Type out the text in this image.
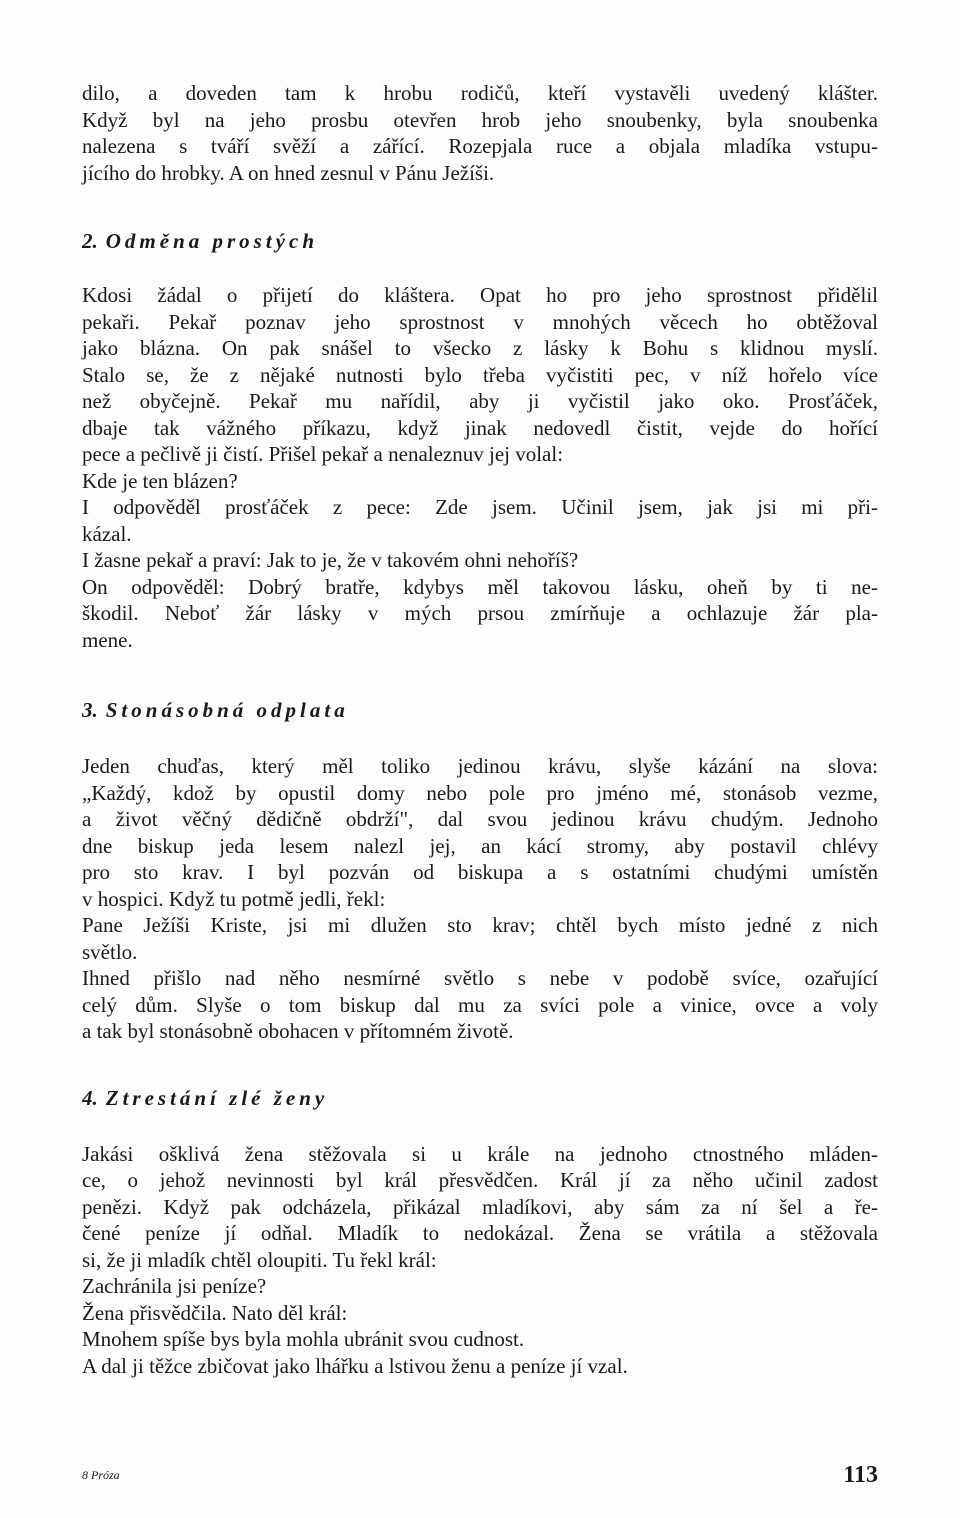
dilo, a doveden tam k hrobu rodičů, kteří vystavěli uvedený klášter.
Když byl na jeho prosbu otevřen hrob jeho snoubenky, byla snoubenka
nalezena s tváří svěží a zářící. Rozepjala ruce a objala mladíka vstupu-
jícího do hrobky. A on hned zesnul v Pánu Ježíši.
2. Odměna prostých
Kdosi žádal o přijetí do kláštera. Opat ho pro jeho sprostnost přidělil
pekaři. Pekař poznav jeho sprostnost v mnohých věcech ho obtěžoval
jako blázna. On pak snášel to všecko z lásky k Bohu s klidnou myslí.
Stalo se, že z nějaké nutnosti bylo třeba vyčistiti pec, v níž hořelo více
než obyčejně. Pekař mu nařídil, aby ji vyčistil jako oko. Prosťáček,
dbaje tak vážného příkazu, když jinak nedovedl čistit, vejde do hořící
pece a pečlivě ji čistí. Přišel pekař a nenaleznuv jej volal:
Kde je ten blázen?
I odpověděl prosťáček z pece: Zde jsem. Učinil jsem, jak jsi mi při-
kázal.
I žasne pekař a praví: Jak to je, že v takovém ohni nehoříš?
On odpověděl: Dobrý bratře, kdybys měl takovou lásku, oheň by ti ne-
škodil. Neboť žár lásky v mých prsou zmírňuje a ochlazuje žár pla-
mene.
3. Stonásobná odplata
Jeden chuďas, který měl toliko jedinou krávu, slyše kázání na slova:
„Každý, kdož by opustil domy nebo pole pro jméno mé, stonásob vezme,
a život věčný dědičně obdrží", dal svou jedinou krávu chudým. Jednoho
dne biskup jeda lesem nalezl jej, an kácí stromy, aby postavil chlévy
pro sto krav. I byl pozván od biskupa a s ostatními chudými umístěn
v hospici. Když tu potmě jedli, řekl:
Pane Ježíši Kriste, jsi mi dlužen sto krav; chtěl bych místo jedné z nich
světlo.
Ihned přišlo nad něho nesmírné světlo s nebe v podobě svíce, ozařující
celý dům. Slyše o tom biskup dal mu za svíci pole a vinice, ovce a voly
a tak byl stonásobně obohacen v přítomném životě.
4. Ztrestání zlé ženy
Jakási ošklivá žena stěžovala si u krále na jednoho ctnostného mláden-
ce, o jehož nevinnosti byl král přesvědčen. Král jí za něho učinil zadost
penězi. Když pak odcházela, přikázal mladíkovi, aby sám za ní šel a ře-
čené peníze jí odňal. Mladík to nedokázal. Žena se vrátila a stěžovala
si, že ji mladík chtěl oloupiti. Tu řekl král:
Zachránila jsi peníze?
Žena přisvědčila. Nato děl král:
Mnohem spíše bys byla mohla ubránit svou cudnost.
A dal ji těžce zbičovat jako lhářku a lstivou ženu a peníze jí vzal.
8 Próza	113
